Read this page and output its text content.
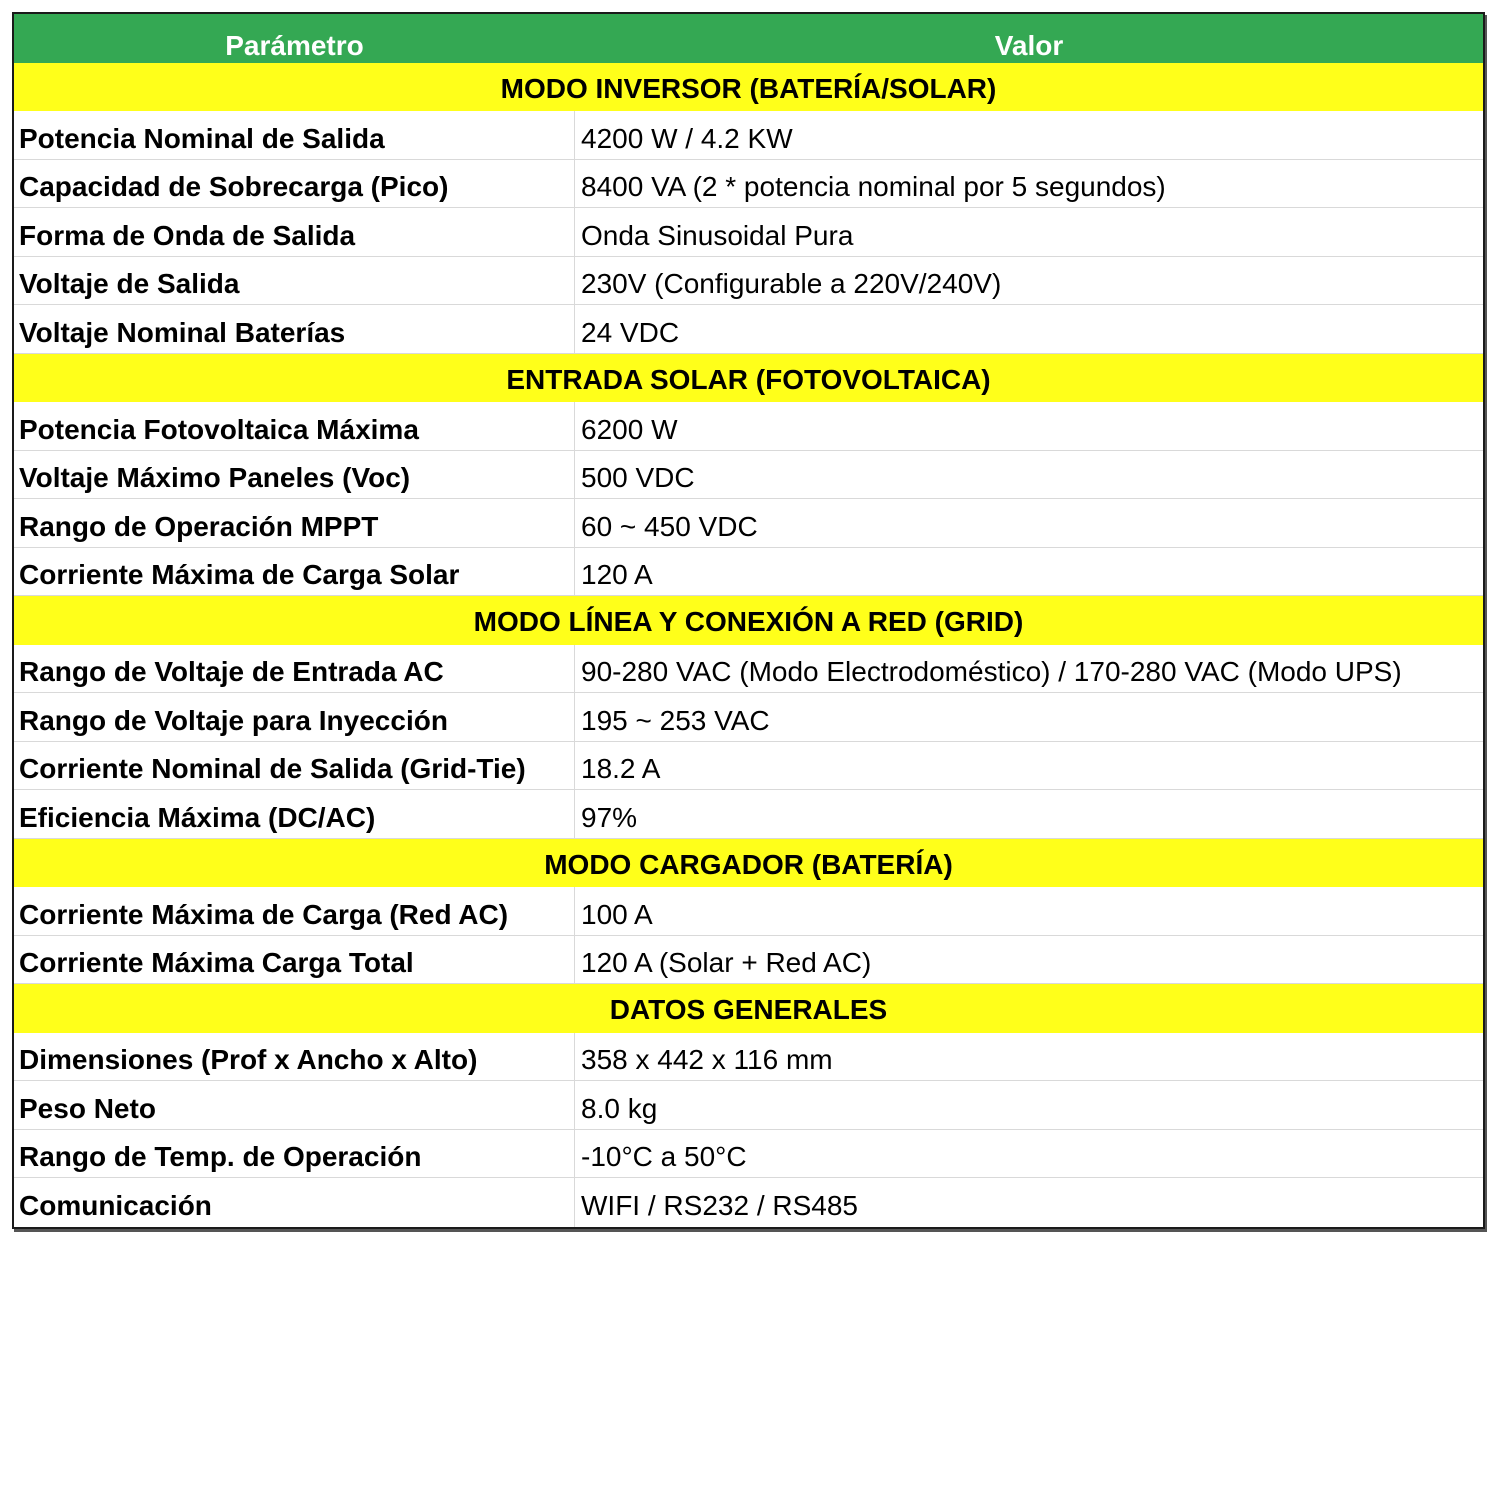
Parámetro	Valor
MODO INVERSOR (BATERÍA/SOLAR)
Potencia Nominal de Salida	4200 W / 4.2 KW
Capacidad de Sobrecarga (Pico)	8400 VA (2 * potencia nominal por 5 segundos)
Forma de Onda de Salida	Onda Sinusoidal Pura
Voltaje de Salida	230V (Configurable a 220V/240V)
Voltaje Nominal Baterías	24 VDC
ENTRADA SOLAR (FOTOVOLTAICA)
Potencia Fotovoltaica Máxima	6200 W
Voltaje Máximo Paneles (Voc)	500 VDC
Rango de Operación MPPT	60 ~ 450 VDC
Corriente Máxima de Carga Solar	120 A
MODO LÍNEA Y CONEXIÓN A RED (GRID)
Rango de Voltaje de Entrada AC	90-280 VAC (Modo Electrodoméstico) / 170-280 VAC (Modo UPS)
Rango de Voltaje para Inyección	195 ~ 253 VAC
Corriente Nominal de Salida (Grid-Tie)	18.2 A
Eficiencia Máxima (DC/AC)	97%
MODO CARGADOR (BATERÍA)
Corriente Máxima de Carga (Red AC)	100 A
Corriente Máxima Carga Total	120 A (Solar + Red AC)
DATOS GENERALES
Dimensiones (Prof x Ancho x Alto)	358 x 442 x 116 mm
Peso Neto	8.0 kg
Rango de Temp. de Operación	-10°C a 50°C
Comunicación	WIFI / RS232 / RS485
